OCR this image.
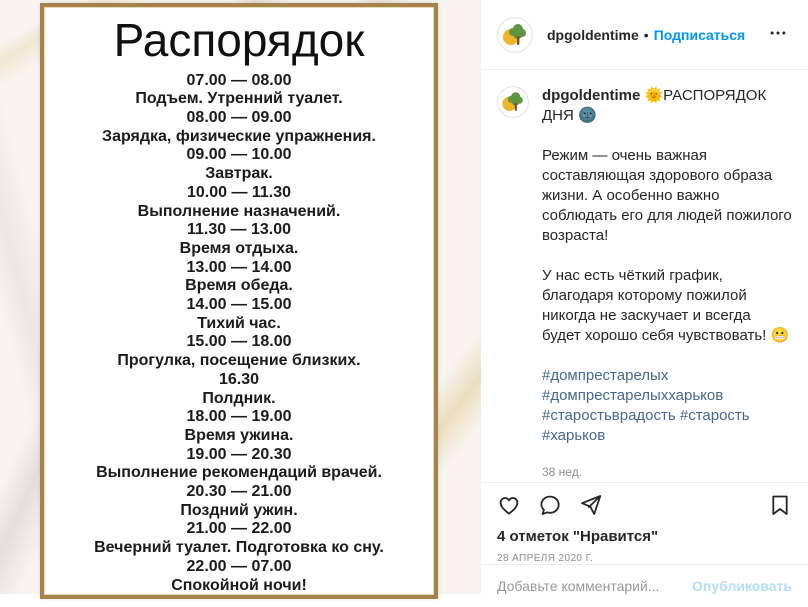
Распорядок
07.00 — 08.00
Подъем. Утренний туалет.
08.00 — 09.00
Зарядка, физические упражнения.
09.00 — 10.00
Завтрак.
10.00 — 11.30
Выполнение назначений.
11.30 — 13.00
Время отдыха.
13.00 — 14.00
Время обеда.
14.00 — 15.00
Тихий час.
15.00 — 18.00
Прогулка, посещение близких.
16.30
Полдник.
18.00 — 19.00
Время ужина.
19.00 — 20.30
Выполнение рекомендаций врачей.
20.30 — 21.00
Поздний ужин.
21.00 — 22.00
Вечерний туалет. Подготовка ко сну.
22.00 — 07.00
Спокойной ночи!
dpgoldentime • Подписаться
dpgoldentime 🌞РАСПОРЯДОК ДНЯ 🌚
Режим — очень важная составляющая здорового образа жизни. А особенно важно соблюдать его для людей пожилого возраста!
У нас есть чёткий график, благодаря которому пожилой никогда не заскучает и всегда будет хорошо себя чувствовать! 😬
#домпрестарелых #домпрестарелыххарьков #старостьврадость #старость #харьков
38 нед.
4 отметок "Нравится"
28 АПРЕЛЯ 2020 Г.
Добавьте комментарий...
Опубликовать
